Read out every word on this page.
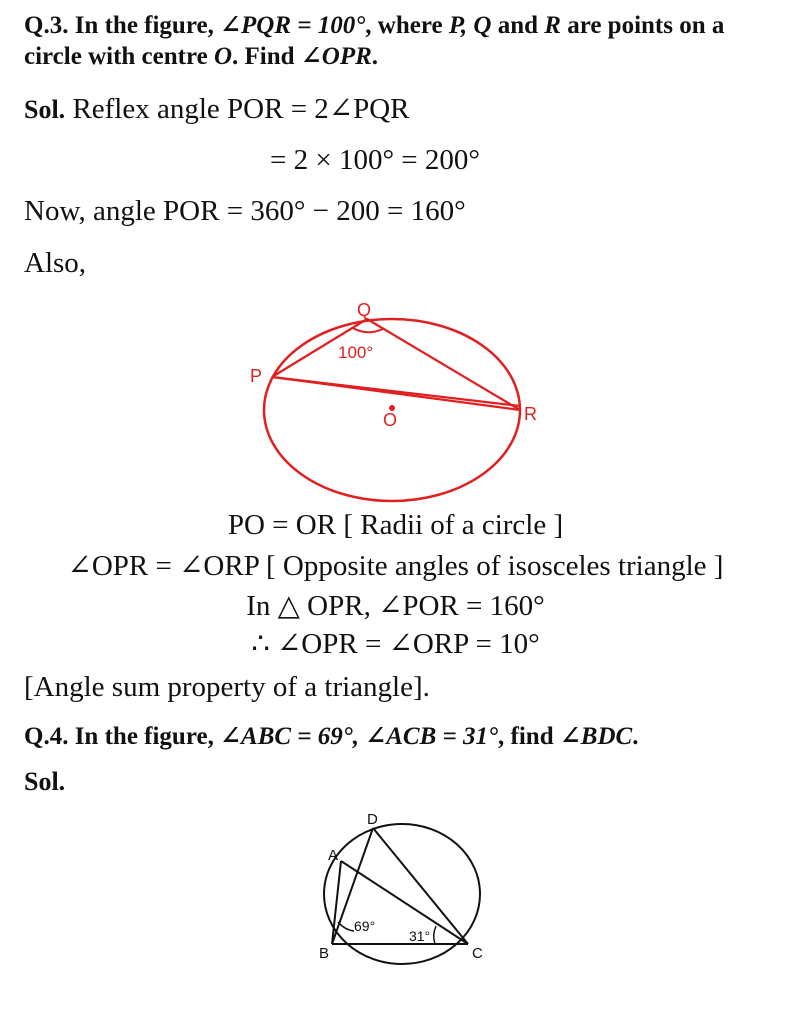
Q.3. In the figure, ∠PQR = 100°, where P, Q and R are points on a circle with centre O. Find ∠OPR.

Sol. Reflex angle POR = 2∠PQR
= 2 × 100° = 200°
Now, angle POR = 360° − 200 = 160°
Also,
Q
P
R
O
100°
PO = OR [ Radii of a circle ]
∠OPR = ∠ORP [ Opposite angles of isosceles triangle ]
In △ OPR, ∠POR = 160°
∴ ∠OPR = ∠ORP = 10°
[Angle sum property of a triangle].

Q.4. In the figure, ∠ABC = 69°, ∠ACB = 31°, find ∠BDC.

Sol.
A
B	C
D
69°
31°
